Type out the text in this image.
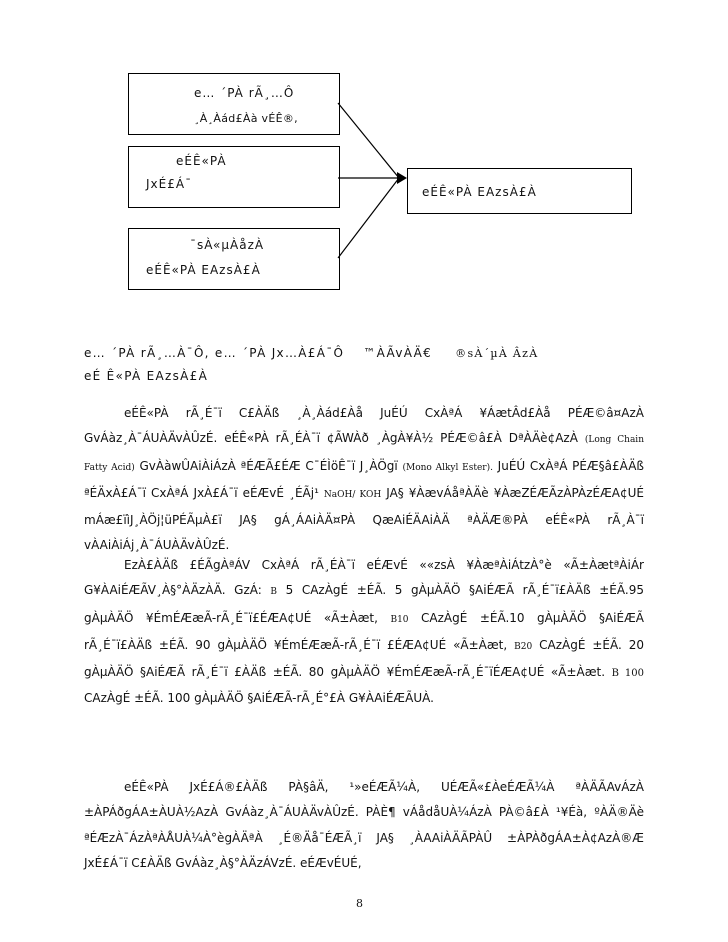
e… ´PÀ rÃ¸…Ô
¸À¸Àád£Àà vÉÊ®,
eÉÊ«PÀ
JxÉ£Á¯
¯sÀ«µÀåzÀ
eÉÊ«PÀ EAzsÀ£À
eÉÊ«PÀ EAzsÀ£À
e… ´PÀ rÃ¸…À¯Ô, e… ´PÀ Jx…À£Á¯Ô ™ÀÃvÀÄ€ ®sÀ´µÀ ÂzÀ
eÉ Ê«PÀ EAzsÀ£À

eÉÊ«PÀ rÃ¸É¯ï C£ÀÄß ¸À¸Àád£Àå JuÉÚ CxÀªÁ ¥ÁætÂd£Àå PÉÆ©â¤AzÀ GvÁàz¸À¯ÁUÀÄvÀÛzÉ. eÉÊ«PÀ rÃ¸ÉÀ¯ï ¢ÃWÀð ¸ÀgÀ¥À½ PÉÆ©â£À DªÀÄè¢AzÀ (Long Chain Fatty Acid) GvÀàwÛAiÀiÁzÀ ªÉÆÃ£ÉÆ C¯ÉÌöÊ¯ï J¸ÀÖgï (Mono Alkyl Ester). JuÉÚ CxÀªÁ PÉÆ§â£ÀÄß ªÉÄxÀ£Á¯ï CxÀªÁ JxÀ£Á¯ï eÉÆvÉ ¸ÉÃj¹ NaOH/ KOH JA§ ¥ÀævÁåªÀÄè ¥ÀæZÉÆÃzÀPÀzÉÆA¢UÉ mÁæ£ïìJ¸ÀÖj¦üPÉÃµÀ£ï JA§ gÁ¸ÁAiÀÄ¤PÀ QæAiÉÄAiÀÄ ªÀÄÆ®PÀ eÉÊ«PÀ rÃ¸À¯ï vÀAiÀiÁj¸À¯ÁUÀÄvÀÛzÉ.

EzÀ£ÀÄß £ÉÃgÀªÁV CxÀªÁ rÃ¸ÉÀ¯ï eÉÆvÉ ««zsÀ ¥ÀæªÀiÁtzÀ°è «Ã±ÀætªÀiÁr G¥ÀAiÉÆÃV¸À§°ÀÄzÀÄ. GzÁ: B 5 CAzÀgÉ ±ÉÃ. 5 gÀµÀÄÖ §AiÉÆÃ rÃ¸É¯ï£ÀÄß ±ÉÃ.95 gÀµÀÄÖ ¥ÉmÉÆæÃ-rÃ¸É¯ï£ÉÆA¢UÉ «Ã±Àæt, B10 CAzÀgÉ ±ÉÃ.10 gÀµÀÄÖ §AiÉÆÃ rÃ¸É¯ï£ÀÄß ±ÉÃ. 90 gÀµÀÄÖ ¥ÉmÉÆæÃ-rÃ¸É¯ï £ÉÆA¢UÉ «Ã±Àæt, B20 CAzÀgÉ ±ÉÃ. 20 gÀµÀÄÖ §AiÉÆÃ rÃ¸É¯ï £ÀÄß ±ÉÃ. 80 gÀµÀÄÖ ¥ÉmÉÆæÃ-rÃ¸É¯ïÉÆA¢UÉ «Ã±Àæt. B 100 CAzÀgÉ ±ÉÃ. 100 gÀµÀÄÖ §AiÉÆÃ-rÃ¸É°£À G¥ÀAiÉÆÃUÀ.

eÉÊ«PÀ JxÉ£Á®£ÀÄß PÀ§âÄ, ¹»eÉÆÃ¼À, UÉÆÃ«£ÀeÉÆÃ¼À ªÀÄÃAvÁzÀ ±ÀPÁðgÁA±ÀUÀ½AzÀ GvÁàz¸À¯ÁUÀÄvÀÛzÉ. PÀÈ¶ vÁådåUÀ¼ÁzÀ PÀ©â£À ¹¥Éà, ºÀÄ®Äè ªÉÆzÀ¯ÁzÀªÀÅUÀ¼À°ègÀÄªÀ ¸É®Äå¯ÉÆÃ¸ï JA§ ¸ÀAAiÀÄÃPÀÛ ±ÀPÀðgÁA±À¢AzÀ®Æ JxÉ£Á¯ï C£ÀÄß GvÁàz¸À§°ÀÄzÁVzÉ. eÉÆvÉUÉ,

8
